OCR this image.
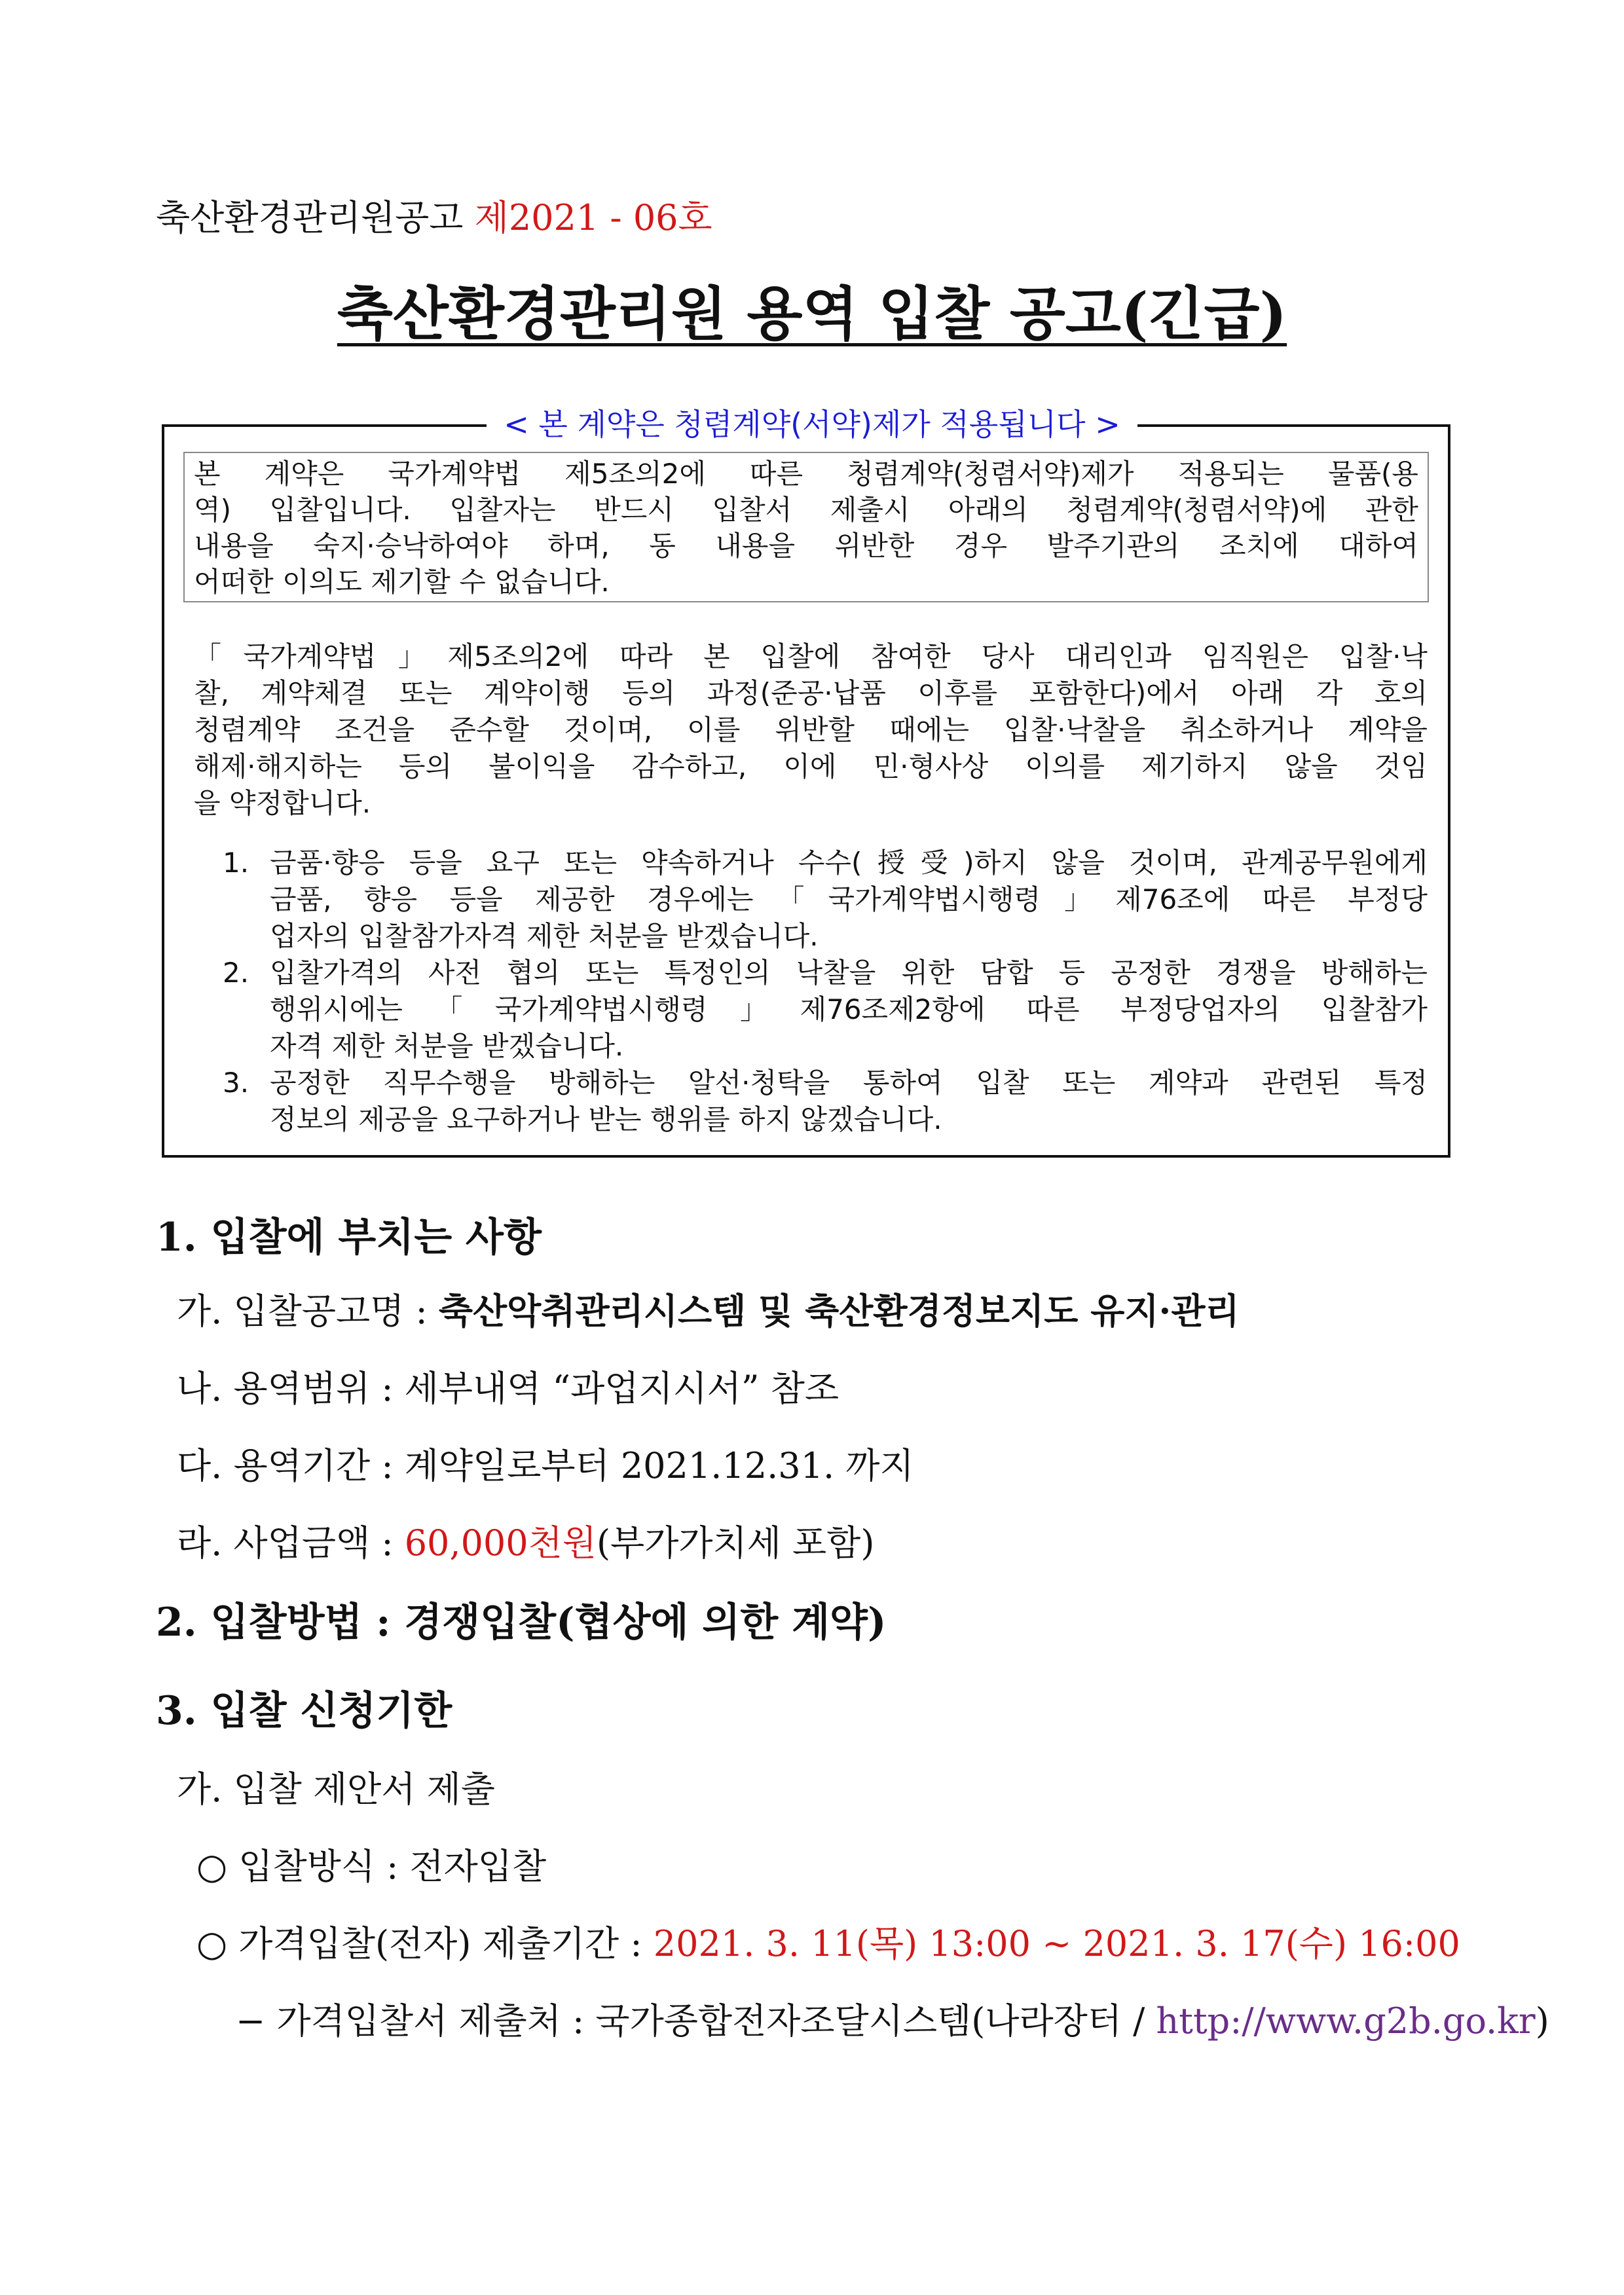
축산환경관리원공고 제2021 - 06호
축산환경관리원 용역 입찰 공고(긴급)
< 본 계약은 청렴계약(서약)제가 적용됩니다 >
본 계약은 국가계약법 제5조의2에 따른 청렴계약(청렴서약)제가 적용되는 물품(용
역) 입찰입니다. 입찰자는 반드시 입찰서 제출시 아래의 청렴계약(청렴서약)에 관한
내용을 숙지·승낙하여야 하며, 동 내용을 위반한 경우 발주기관의 조치에 대하여
어떠한 이의도 제기할 수 없습니다.
「국가계약법」제5조의2에 따라 본 입찰에 참여한 당사 대리인과 임직원은 입찰·낙
찰, 계약체결 또는 계약이행 등의 과정(준공·납품 이후를 포함한다)에서 아래 각 호의
청렴계약 조건을 준수할 것이며, 이를 위반할 때에는 입찰·낙찰을 취소하거나 계약을
해제·해지하는 등의 불이익을 감수하고, 이에 민·형사상 이의를 제기하지 않을 것임
을 약정합니다.
1. 금품·향응 등을 요구 또는 약속하거나 수수(授受)하지 않을 것이며, 관계공무원에게
금품, 향응 등을 제공한 경우에는「국가계약법시행령」제76조에 따른 부정당
업자의 입찰참가자격 제한 처분을 받겠습니다.
2. 입찰가격의 사전 협의 또는 특정인의 낙찰을 위한 담합 등 공정한 경쟁을 방해하는
행위시에는「국가계약법시행령」제76조제2항에 따른 부정당업자의 입찰참가
자격 제한 처분을 받겠습니다.
3. 공정한 직무수행을 방해하는 알선·청탁을 통하여 입찰 또는 계약과 관련된 특정
정보의 제공을 요구하거나 받는 행위를 하지 않겠습니다.
1. 입찰에 부치는 사항
가. 입찰공고명 : 축산악취관리시스템 및 축산환경정보지도 유지·관리
나. 용역범위 : 세부내역 “과업지시서” 참조
다. 용역기간 : 계약일로부터 2021.12.31. 까지
라. 사업금액 : 60,000천원(부가가치세 포함)
2. 입찰방법 : 경쟁입찰(협상에 의한 계약)
3. 입찰 신청기한
가. 입찰 제안서 제출
○ 입찰방식 : 전자입찰
○ 가격입찰(전자) 제출기간 : 2021. 3. 11(목) 13:00 ~ 2021. 3. 17(수) 16:00
− 가격입찰서 제출처 : 국가종합전자조달시스템(나라장터 / http://www.g2b.go.kr)
